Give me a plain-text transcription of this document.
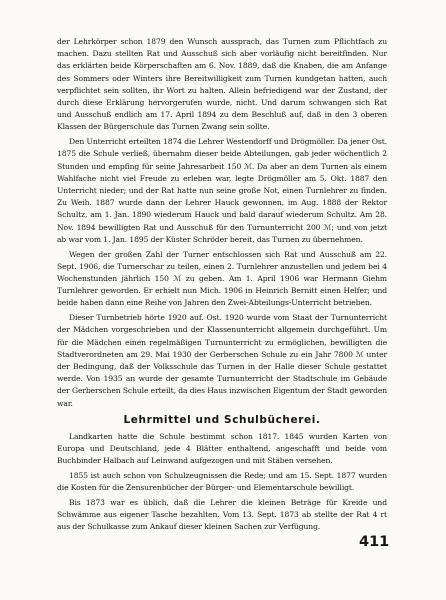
der Lehrkörper schon 1879 den Wunsch aussprach, das Turnen zum Pflichtfach zu machen. Dazu stellten Rat und Ausschuß sich aber vorläufig nicht bereitfinden. Nur das erklärten beide Körperschaften am 6. Nov. 1889, daß die Knaben, die am Anfange des Sommers oder Winters ihre Bereitwilligkeit zum Turnen kundgetan hatten, auch verpflichtet sein sollten, ihr Wort zu halten. Allein befriedigend war der Zustand, der durch diese Erklärung hervorgerufen wurde, nicht. Und darum schwangen sich Rat und Ausschuß endlich am 17. April 1894 zu dem Beschluß auf, daß in den 3 oberen Klassen der Bürgerschule das Turnen Zwang sein sollte.

Den Unterricht erteilten 1874 die Lehrer Westendorff und Drögmöller. Da jener Ost. 1875 die Schule verließ, übernahm dieser beide Abteilungen, gab jeder wöchentlich 2 Stunden und empfing für seine Jahresarbeit 150 ℳ. Da aber an dem Turnen als einem Wahlfache nicht viel Freude zu erleben war, legte Drögmöller am 5. Okt. 1887 den Unterricht nieder; und der Rat hatte nun seine große Not, einen Turnlehrer zu finden. Zu Weih. 1887 wurde dann der Lehrer Hauck gewonnen, im Aug. 1888 der Rektor Schultz, am 1. Jan. 1890 wiederum Hauck und bald darauf wiederum Schultz. Am 28. Nov. 1894 bewilligten Rat und Ausschuß für den Turnunterricht 200 ℳ; und von jetzt ab war vom 1. Jan. 1895 der Küster Schröder bereit, das Turnen zu übernehmen.

Wegen der großen Zahl der Turner entschlossen sich Rat und Ausschuß am 22. Sept. 1906, die Turnerschar zu teilen, einen 2. Turnlehrer anzustellen und jedem bei 4 Wochenstunden jährlich 150 ℳ zu geben. Am 1. April 1906 war Hermann Giehm Turnlehrer geworden. Er erhielt nun Mich. 1906 in Heinrich Bernitt einen Helfer; und beide haben dann eine Reihe von Jahren den Zwei-Abteilungs-Unterricht betrieben.

Dieser Turnbetrieb hörte 1920 auf. Ost. 1920 wurde vom Staat der Turnunterricht der Mädchen vorgeschrieben und der Klassenunterricht allgemein durchgeführt. Um für die Mädchen einen regelmäßigen Turnunterricht zu ermöglichen, bewilligten die Stadtverordneten am 29. Mai 1930 der Gerberschen Schule zu ein Jahr 7800 ℳ unter der Bedingung, daß der Volksschule das Turnen in der Halle dieser Schule gestattet werde. Von 1935 an wurde der gesamte Turnunterricht der Stadtschule im Gebäude der Gerberschen Schule erteilt, da dies Haus inzwischen Eigentum der Stadt geworden war.

Lehrmittel und Schulbücherei.

Landkarten hatte die Schule bestimmt schon 1817. 1845 wurden Karten von Europa und Deutschland, jede 4 Blätter enthaltend, angeschafft und beide vom Buchbinder Halbach auf Leinwand aufgezogen und mit Stäben versehen.

1855 ist auch schon von Schulzeugnissen die Rede; und am 15. Sept. 1877 wurden die Kosten für die Zensurenbücher der Bürger- und Elementarschule bewilligt.

Bis 1873 war es üblich, daß die Lehrer die kleinen Beträge für Kreide und Schwämme aus eigener Tasche bezahlten. Vom 13. Sept. 1873 ab stellte der Rat 4 rt aus der Schulkasse zum Ankauf dieser kleinen Sachen zur Verfügung.

411
